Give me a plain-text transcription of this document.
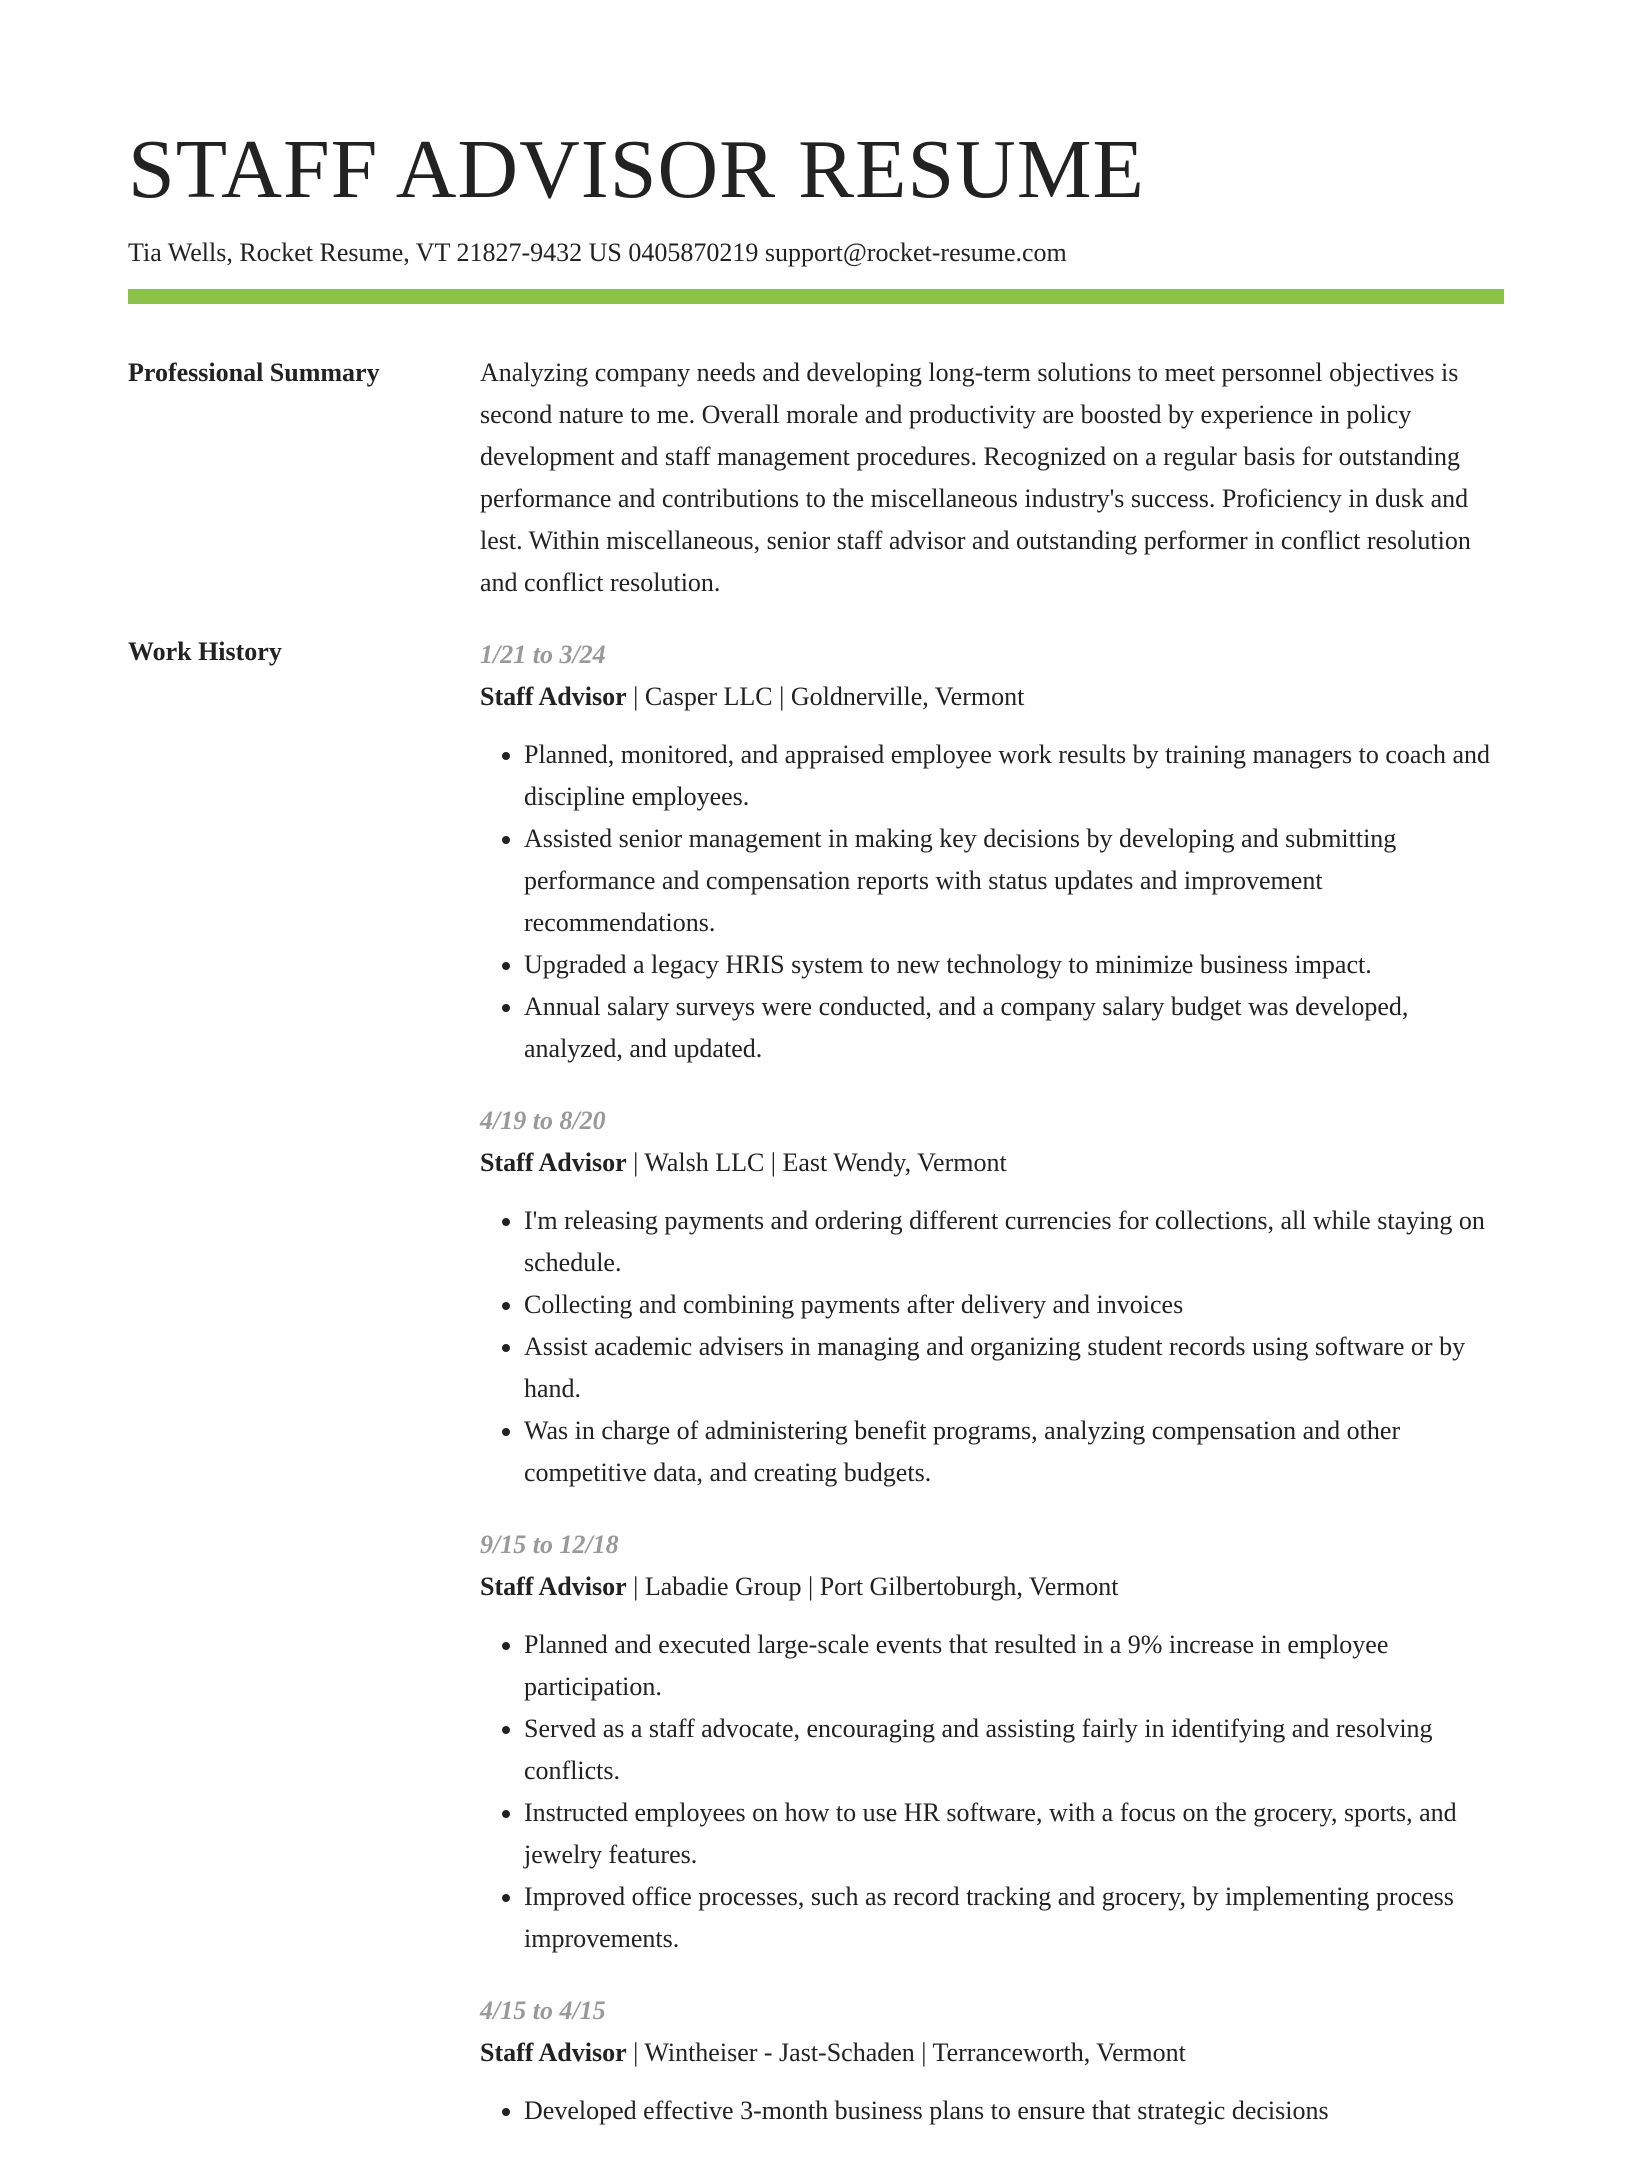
STAFF ADVISOR RESUME
Tia Wells, Rocket Resume, VT 21827-9432 US 0405870219 support@rocket-resume.com
Professional Summary	Analyzing company needs and developing long-term solutions to meet personnel objectives is second nature to me. Overall morale and productivity are boosted by experience in policy development and staff management procedures. Recognized on a regular basis for outstanding performance and contributions to the miscellaneous industry's success. Proficiency in dusk and lest. Within miscellaneous, senior staff advisor and outstanding performer in conflict resolution and conflict resolution.

Work History	1/21 to 3/24
Staff Advisor | Casper LLC | Goldnerville, Vermont
• Planned, monitored, and appraised employee work results by training managers to coach and discipline employees.
• Assisted senior management in making key decisions by developing and submitting performance and compensation reports with status updates and improvement recommendations.
• Upgraded a legacy HRIS system to new technology to minimize business impact.
• Annual salary surveys were conducted, and a company salary budget was developed, analyzed, and updated.
4/19 to 8/20
Staff Advisor | Walsh LLC | East Wendy, Vermont
• I'm releasing payments and ordering different currencies for collections, all while staying on schedule.
• Collecting and combining payments after delivery and invoices
• Assist academic advisers in managing and organizing student records using software or by hand.
• Was in charge of administering benefit programs, analyzing compensation and other competitive data, and creating budgets.
9/15 to 12/18
Staff Advisor | Labadie Group | Port Gilbertoburgh, Vermont
• Planned and executed large-scale events that resulted in a 9% increase in employee participation.
• Served as a staff advocate, encouraging and assisting fairly in identifying and resolving conflicts.
• Instructed employees on how to use HR software, with a focus on the grocery, sports, and jewelry features.
• Improved office processes, such as record tracking and grocery, by implementing process improvements.
4/15 to 4/15
Staff Advisor | Wintheiser - Jast-Schaden | Terranceworth, Vermont
• Developed effective 3-month business plans to ensure that strategic decisions
